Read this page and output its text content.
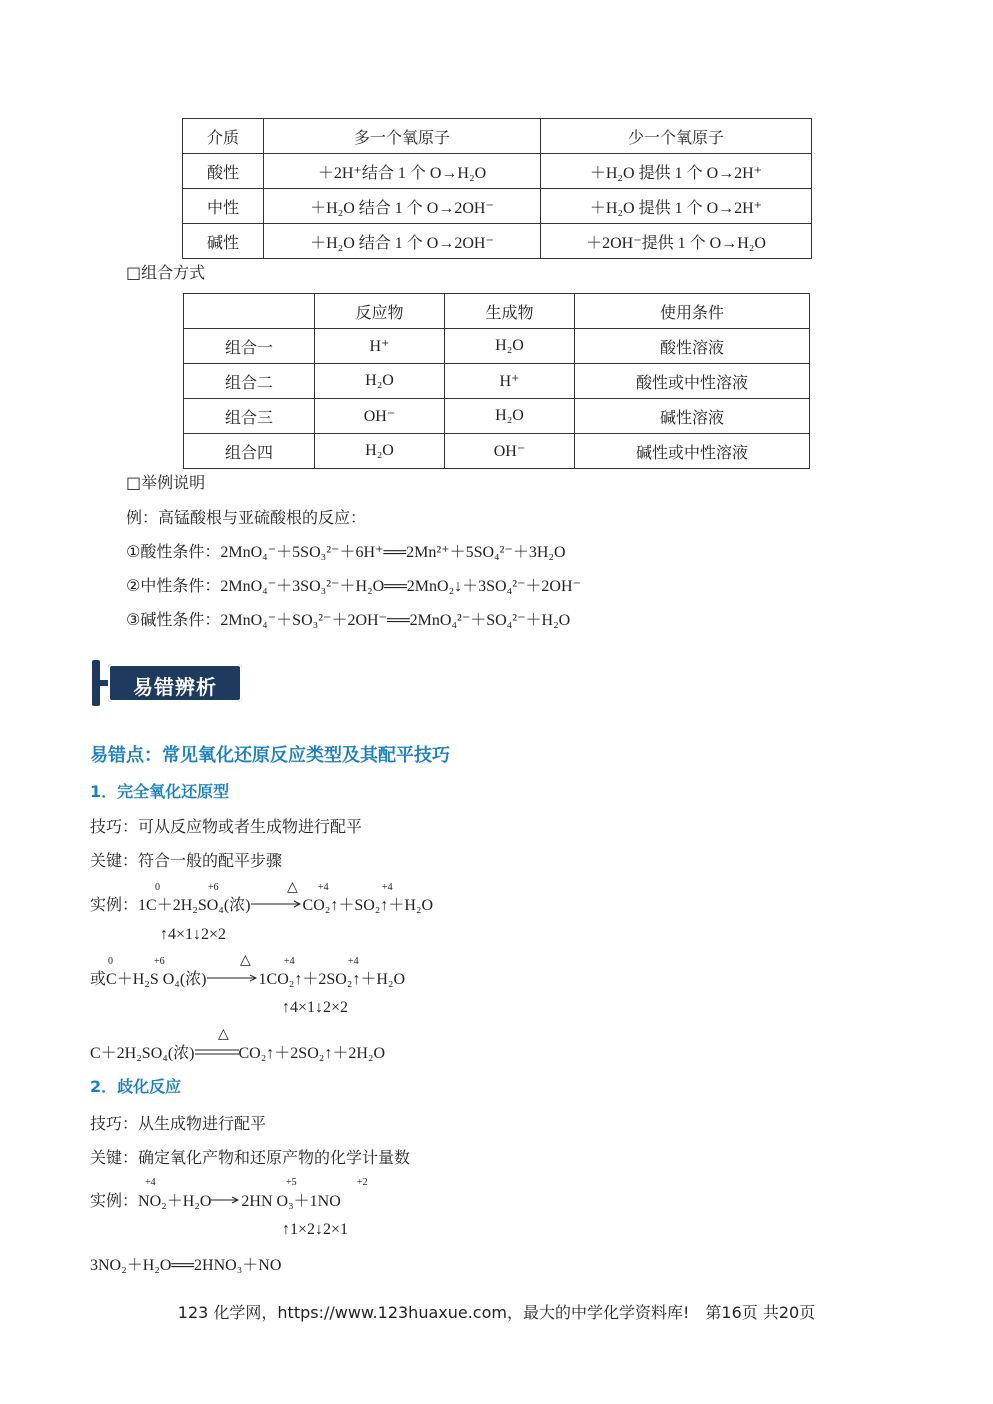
介质	多一个氧原子	少一个氧原子
酸性	＋2H⁺结合 1 个 O→H₂O	＋H₂O 提供 1 个 O→2H⁺
中性	＋H₂O 结合 1 个 O→2OH⁻	＋H₂O 提供 1 个 O→2H⁺
碱性	＋H₂O 结合 1 个 O→2OH⁻	＋2OH⁻提供 1 个 O→H₂O
□组合方式
	反应物	生成物	使用条件
组合一	H⁺	H₂O	酸性溶液
组合二	H₂O	H⁺	酸性或中性溶液
组合三	OH⁻	H₂O	碱性溶液
组合四	H₂O	OH⁻	碱性或中性溶液
□举例说明
例：高锰酸根与亚硫酸根的反应：
①酸性条件：2MnO₄⁻＋5SO₃²⁻＋6H⁺══2Mn²⁺＋5SO₄²⁻＋3H₂O
②中性条件：2MnO₄⁻＋3SO₃²⁻＋H₂O══2MnO₂↓＋3SO₄²⁻＋2OH⁻
③碱性条件：2MnO₄⁻＋SO₃²⁻＋2OH⁻══2MnO₄²⁻＋SO₄²⁻＋H₂O
易错辨析
易错点：常见氧化还原反应类型及其配平技巧
1．完全氧化还原型
技巧：可从反应物或者生成物进行配平
关键：符合一般的配平步骤
实例：1C＋2H₂SO₄(浓)	CO₂↑＋SO₂↑＋H₂O
0	+6	△ +4	+4
↑4×1↓2×2
或C＋H₂S O₄(浓)	1CO₂↑＋2SO₂↑＋H₂O
0	+6	△	+4	+4
↑4×1↓2×2
C＋2H₂SO₄(浓)	CO₂↑＋2SO₂↑＋2H₂O
△
2．歧化反应
技巧：从生成物进行配平
关键：确定氧化产物和还原产物的化学计量数
实例：NO₂＋H₂O→2HN O₃＋1NO
+4	+5	+2
↑1×2↓2×1
3NO₂＋H₂O══2HNO₃＋NO
123 化学网，https://www.123huaxue.com，最大的中学化学资料库!　第16页 共20页
